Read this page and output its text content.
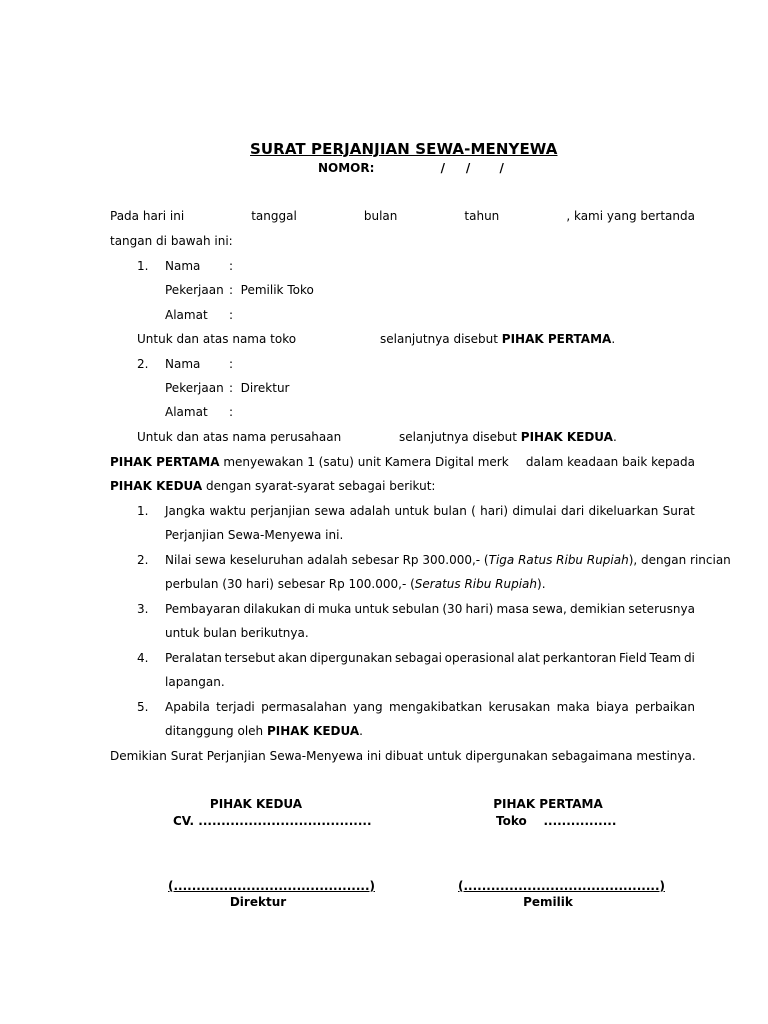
SURAT PERJANJIAN SEWA-MENYEWA
NOMOR:	/     /       /
Pada hari ini	tanggal	bulan	tahun	, kami yang bertanda
tangan di bawah ini:
1. Nama :
Pekerjaan :  Pemilik Toko
Alamat :
Untuk dan atas nama toko	selanjutnya disebut PIHAK PERTAMA.
2. Nama :
Pekerjaan :  Direktur
Alamat :
Untuk dan atas nama perusahaan	selanjutnya disebut PIHAK KEDUA.
PIHAK PERTAMA menyewakan 1 (satu) unit Kamera Digital merk dalam keadaan baik kepada
PIHAK KEDUA dengan syarat-syarat sebagai berikut:
1. Jangka waktu perjanjian sewa adalah untuk bulan ( hari) dimulai dari dikeluarkan Surat
Perjanjian Sewa-Menyewa ini.
2. Nilai sewa keseluruhan adalah sebesar Rp 300.000,- (Tiga Ratus Ribu Rupiah), dengan rincian
perbulan (30 hari) sebesar Rp 100.000,- (Seratus Ribu Rupiah).
3. Pembayaran dilakukan di muka untuk sebulan (30 hari) masa sewa, demikian seterusnya
untuk bulan berikutnya.
4. Peralatan tersebut akan dipergunakan sebagai operasional alat perkantoran Field Team di
lapangan.
5. Apabila terjadi permasalahan yang mengakibatkan kerusakan maka biaya perbaikan
ditanggung oleh PIHAK KEDUA.
Demikian Surat Perjanjian Sewa-Menyewa ini dibuat untuk dipergunakan sebagaimana mestinya.
PIHAK KEDUA
CV. ......................................
(...........................................)
Direktur
PIHAK PERTAMA
Toko    ................
(...........................................)
Pemilik
